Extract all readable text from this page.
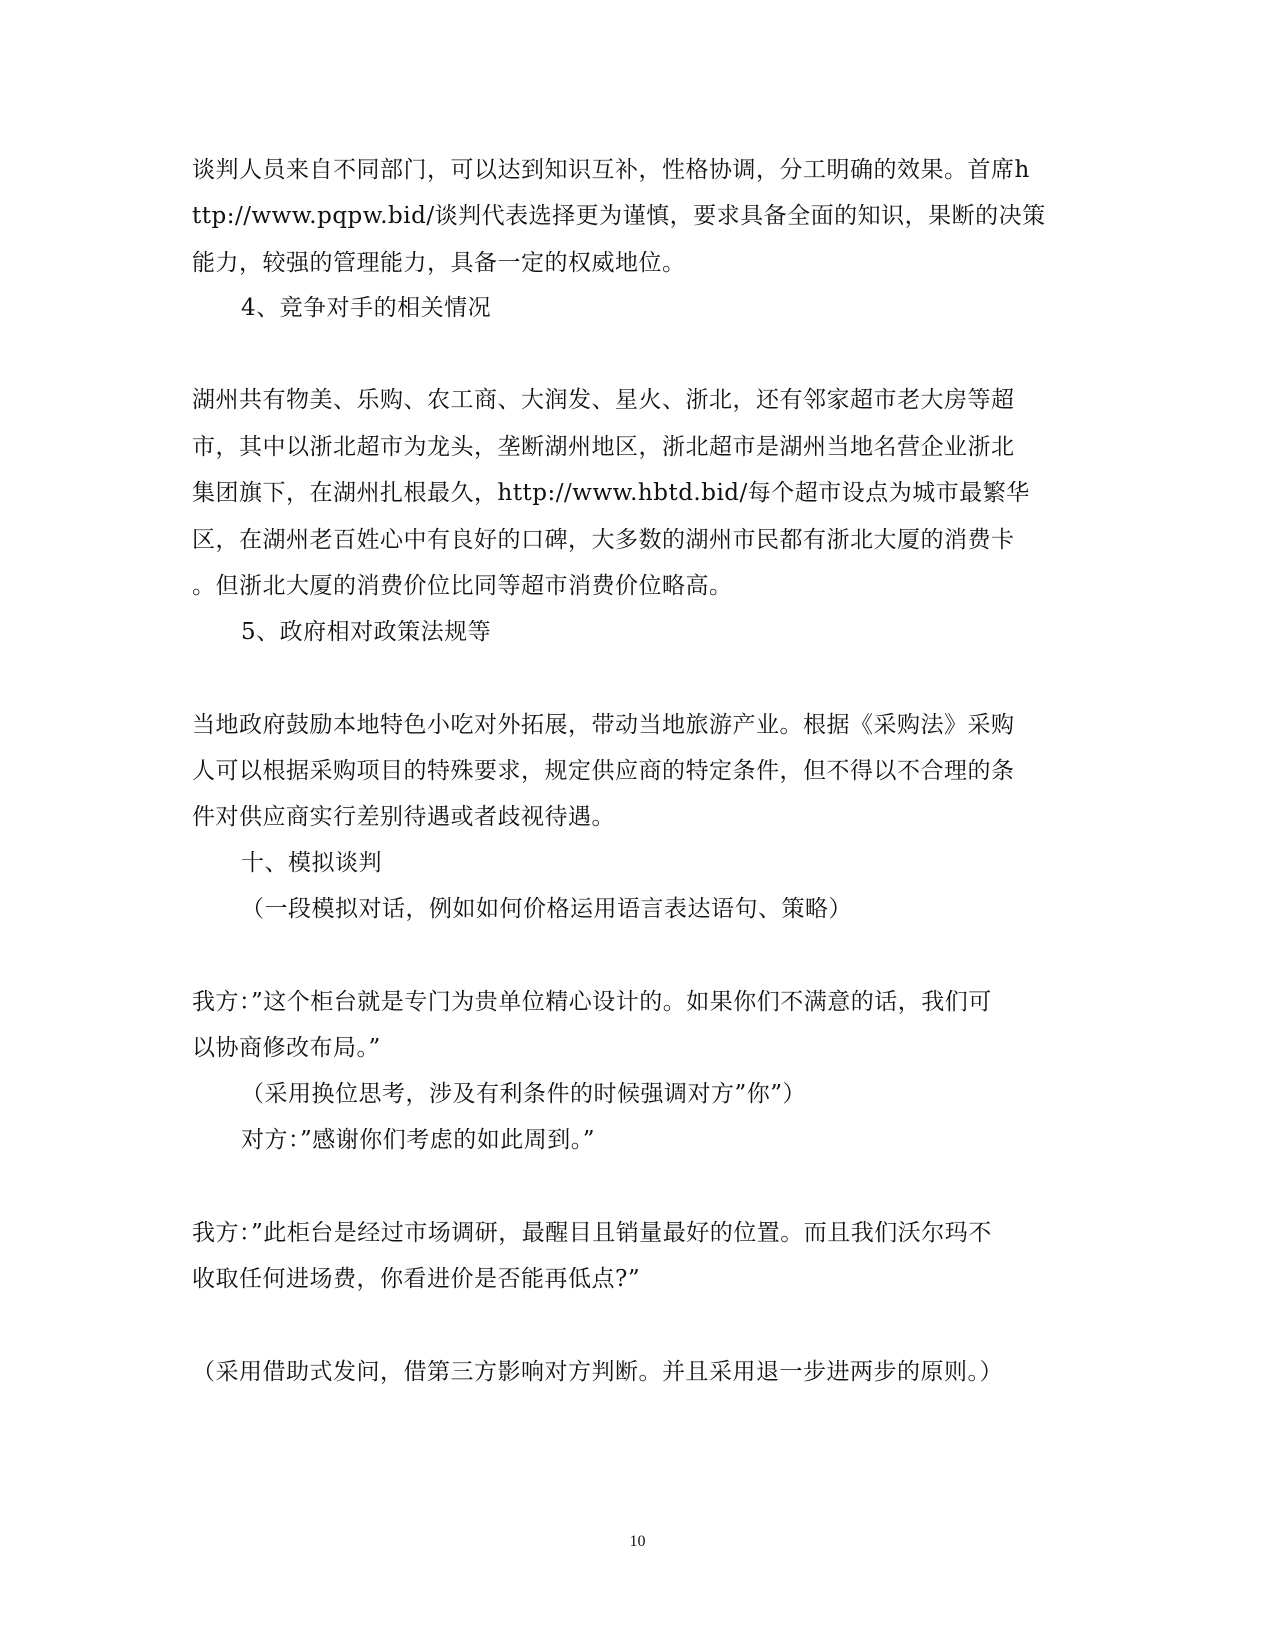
谈判人员来自不同部门，可以达到知识互补，性格协调，分工明确的效果。首席h
ttp://www.pqpw.bid/谈判代表选择更为谨慎，要求具备全面的知识，果断的决策
能力，较强的管理能力，具备一定的权威地位。
4、竞争对手的相关情况
湖州共有物美、乐购、农工商、大润发、星火、浙北，还有邻家超市老大房等超
市，其中以浙北超市为龙头，垄断湖州地区，浙北超市是湖州当地名营企业浙北
集团旗下，在湖州扎根最久，http://www.hbtd.bid/每个超市设点为城市最繁华
区，在湖州老百姓心中有良好的口碑，大多数的湖州市民都有浙北大厦的消费卡
。但浙北大厦的消费价位比同等超市消费价位略高。
5、政府相对政策法规等
当地政府鼓励本地特色小吃对外拓展，带动当地旅游产业。根据《采购法》采购
人可以根据采购项目的特殊要求，规定供应商的特定条件，但不得以不合理的条
件对供应商实行差别待遇或者歧视待遇。
十、模拟谈判
（一段模拟对话，例如如何价格运用语言表达语句、策略）
我方：”这个柜台就是专门为贵单位精心设计的。如果你们不满意的话，我们可
以协商修改布局。”
（采用换位思考，涉及有利条件的时候强调对方”你”）
对方：”感谢你们考虑的如此周到。”
我方：”此柜台是经过市场调研，最醒目且销量最好的位置。而且我们沃尔玛不
收取任何进场费，你看进价是否能再低点?”
（采用借助式发问，借第三方影响对方判断。并且采用退一步进两步的原则。）
10
